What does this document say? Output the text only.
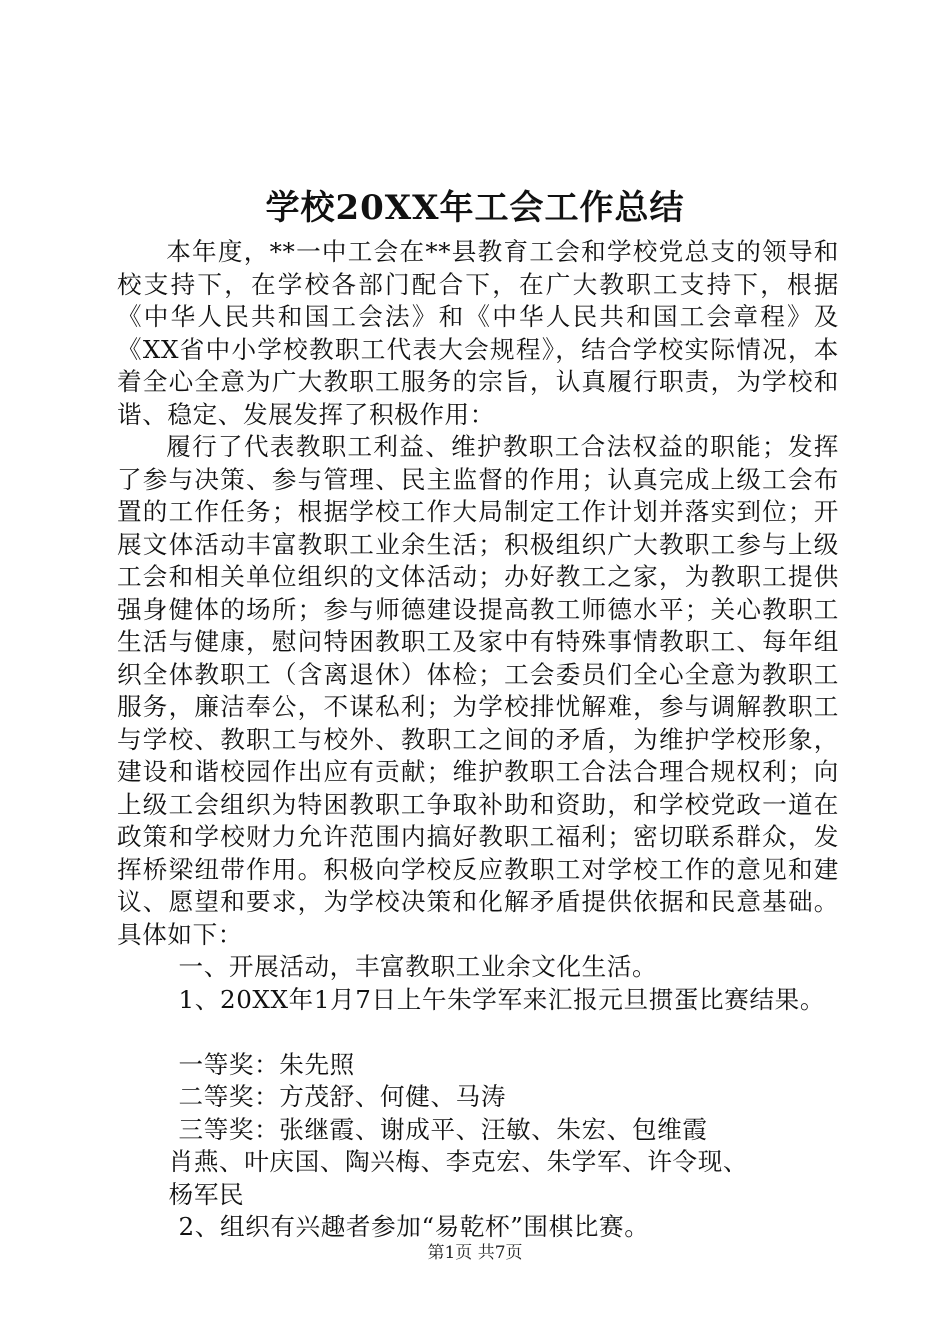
学校20XX年工会工作总结

本年度，**一中工会在**县教育工会和学校党总支的领导和校支持下，在学校各部门配合下，在广大教职工支持下，根据《中华人民共和国工会法》和《中华人民共和国工会章程》及《XX省中小学校教职工代表大会规程》，结合学校实际情况，本着全心全意为广大教职工服务的宗旨，认真履行职责，为学校和谐、稳定、发展发挥了积极作用：

履行了代表教职工利益、维护教职工合法权益的职能；发挥了参与决策、参与管理、民主监督的作用；认真完成上级工会布置的工作任务；根据学校工作大局制定工作计划并落实到位；开展文体活动丰富教职工业余生活；积极组织广大教职工参与上级工会和相关单位组织的文体活动；办好教工之家，为教职工提供强身健体的场所；参与师德建设提高教工师德水平；关心教职工生活与健康，慰问特困教职工及家中有特殊事情教职工、每年组织全体教职工（含离退休）体检；工会委员们全心全意为教职工服务，廉洁奉公，不谋私利；为学校排忧解难，参与调解教职工与学校、教职工与校外、教职工之间的矛盾，为维护学校形象，建设和谐校园作出应有贡献；维护教职工合法合理合规权利；向上级工会组织为特困教职工争取补助和资助，和学校党政一道在政策和学校财力允许范围内搞好教职工福利；密切联系群众，发挥桥梁纽带作用。积极向学校反应教职工对学校工作的意见和建议、愿望和要求，为学校决策和化解矛盾提供依据和民意基础。具体如下：

一、开展活动，丰富教职工业余文化生活。

1、20XX年1月7日上午朱学军来汇报元旦掼蛋比赛结果。

一等奖：朱先照

二等奖：方茂舒、何健、马涛

三等奖：张继霞、谢成平、汪敏、朱宏、包维霞

肖燕、叶庆国、陶兴梅、李克宏、朱学军、许令现、

杨军民

2、组织有兴趣者参加“易乾杯”围棋比赛。

第1页 共7页
